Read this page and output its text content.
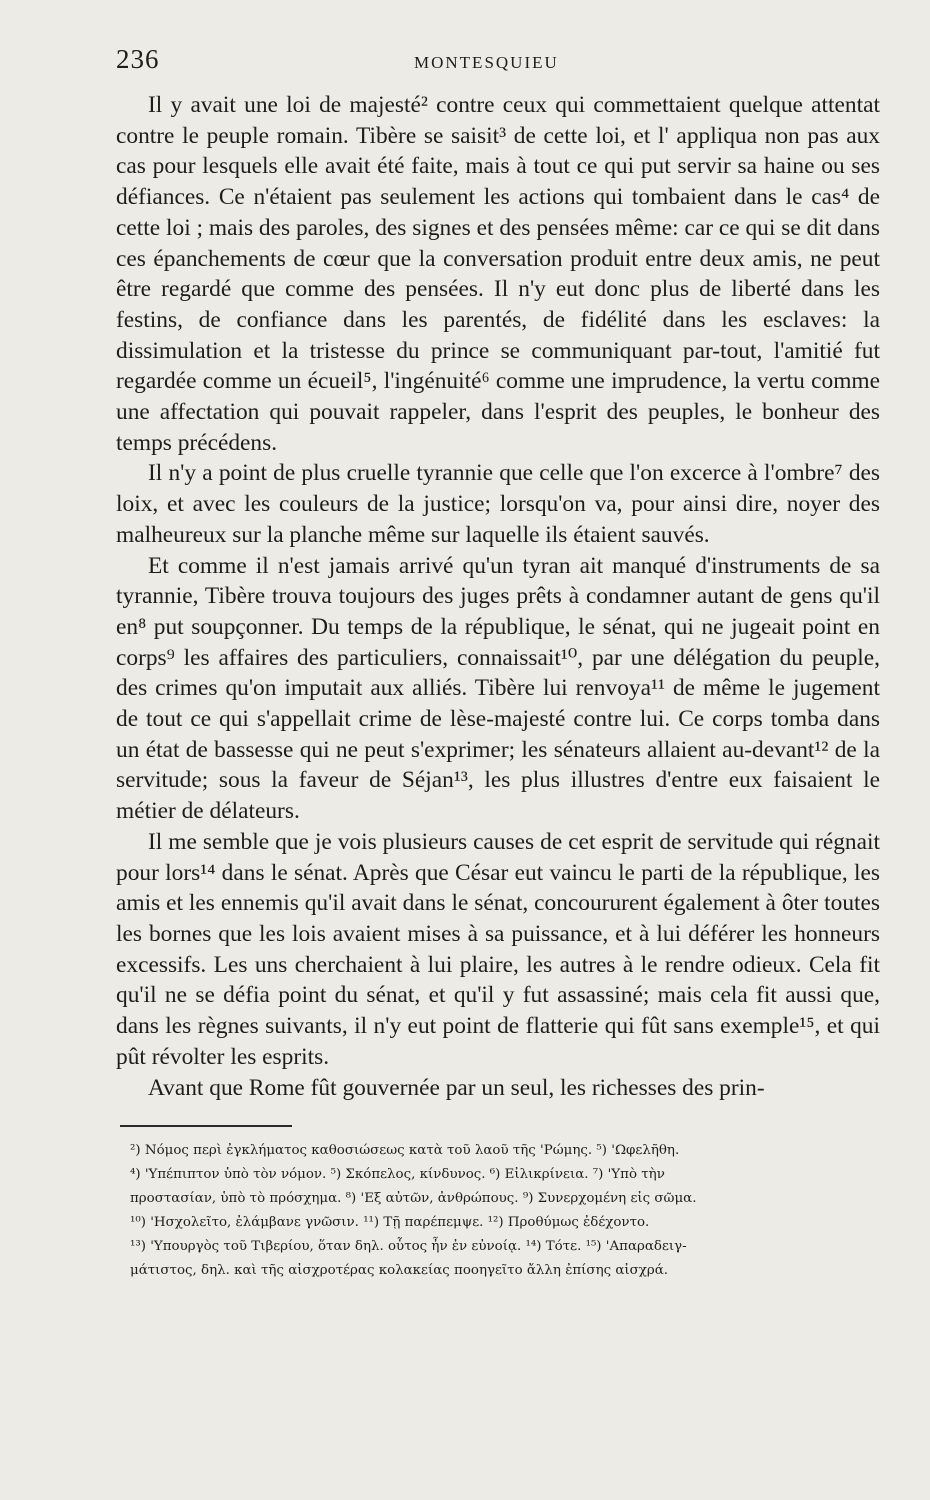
236	MONTESQUIEU

Il y avait une loi de majesté² contre ceux qui commettaient quelque attentat contre le peuple romain. Tibère se saisit³ de cette loi, et l' appliqua non pas aux cas pour lesquels elle avait été faite, mais à tout ce qui put servir sa haine ou ses défiances. Ce n'étaient pas seulement les actions qui tombaient dans le cas⁴ de cette loi ; mais des paroles, des signes et des pensées même: car ce qui se dit dans ces épanchements de cœur que la conversation produit entre deux amis, ne peut être regardé que comme des pensées. Il n'y eut donc plus de liberté dans les festins, de confiance dans les parentés, de fidélité dans les esclaves: la dissimulation et la tristesse du prince se communiquant par-tout, l'amitié fut regardée comme un écueil⁵, l'ingénuité⁶ comme une imprudence, la vertu comme une affectation qui pouvait rappeler, dans l'esprit des peuples, le bonheur des temps précédens.

Il n'y a point de plus cruelle tyrannie que celle que l'on excerce à l'ombre⁷ des loix, et avec les couleurs de la justice; lorsqu'on va, pour ainsi dire, noyer des malheureux sur la planche même sur laquelle ils étaient sauvés.

Et comme il n'est jamais arrivé qu'un tyran ait manqué d'instruments de sa tyrannie, Tibère trouva toujours des juges prêts à condamner autant de gens qu'il en⁸ put soupçonner. Du temps de la république, le sénat, qui ne jugeait point en corps⁹ les affaires des particuliers, connaissait¹⁰, par une délégation du peuple, des crimes qu'on imputait aux alliés. Tibère lui renvoya¹¹ de même le jugement de tout ce qui s'appellait crime de lèse-majesté contre lui. Ce corps tomba dans un état de bassesse qui ne peut s'exprimer; les sénateurs allaient au-devant¹² de la servitude; sous la faveur de Séjan¹³, les plus illustres d'entre eux faisaient le métier de délateurs.

Il me semble que je vois plusieurs causes de cet esprit de servitude qui régnait pour lors¹⁴ dans le sénat. Après que César eut vaincu le parti de la république, les amis et les ennemis qu'il avait dans le sénat, concoururent également à ôter toutes les bornes que les lois avaient mises à sa puissance, et à lui déférer les honneurs excessifs. Les uns cherchaient à lui plaire, les autres à le rendre odieux. Cela fit qu'il ne se défia point du sénat, et qu'il y fut assassiné; mais cela fit aussi que, dans les règnes suivants, il n'y eut point de flatterie qui fût sans exemple¹⁵, et qui pût révolter les esprits.

Avant que Rome fût gouvernée par un seul, les richesses des prin-

²) Νόμος περὶ ἐγκλήματος καθοσιώσεως κατὰ τοῦ λαοῦ τῆς 'Ρώμης. ⁵) 'Ωφελῆθη.
⁴) 'Υπέπιπτον ὑπὸ τὸν νόμον. ⁵) Σκόπελος, κίνδυνος. ⁶) Εἰλικρίνεια. ⁷) 'Υπὸ τὴν
προστασίαν, ὑπὸ τὸ πρόσχημα. ⁸) 'Εξ αὐτῶν, ἀνθρώπους. ⁹) Συνερχομένη εἰς σῶμα.
¹⁰) 'Ησχολεῖτο, ἐλάμβανε γνῶσιν. ¹¹) Τῇ παρέπεμψε. ¹²) Προθύμως ἐδέχοντο.
¹³) 'Υπουργὸς τοῦ Τιβερίου, ὅταν δηλ. οὗτος ἦν ἐν εὐνοίᾳ. ¹⁴) Τότε. ¹⁵) 'Απαραδειγ-
μάτιστος, δηλ. καὶ τῆς αἰσχροτέρας κολακείας ποοηγεῖτο ἄλλη ἐπίσης αἰσχρά.
